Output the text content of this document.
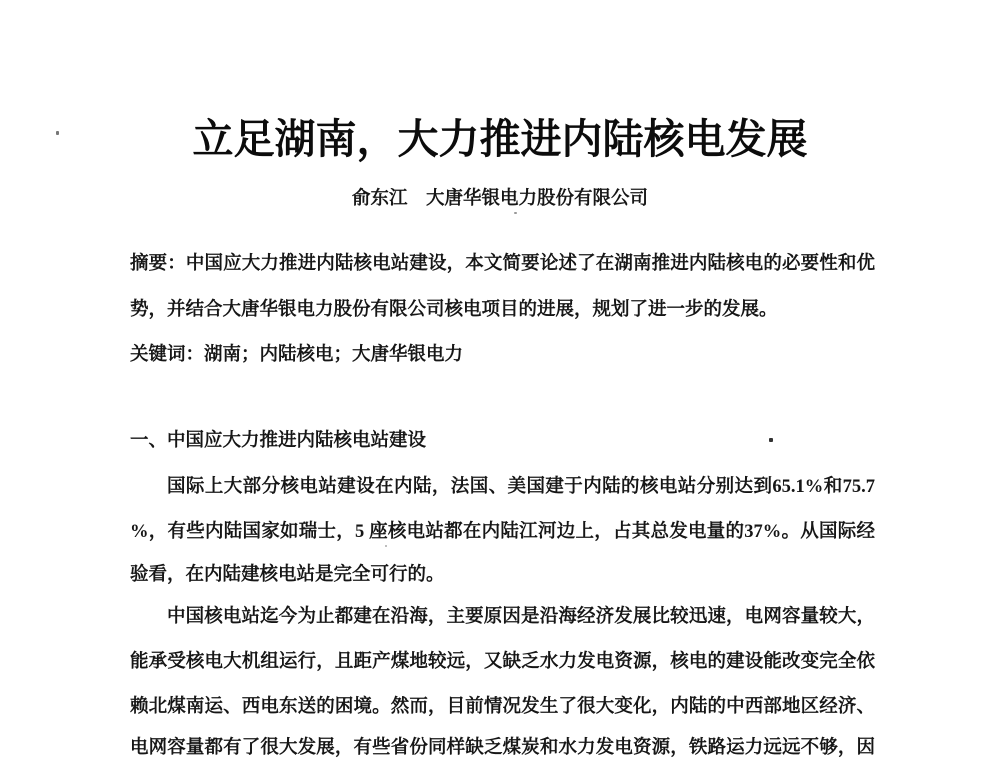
立足湖南，大力推进内陆核电发展
俞东江　大唐华银电力股份有限公司
摘要：中国应大力推进内陆核电站建设，本文简要论述了在湖南推进内陆核电的必要性和优
势，并结合大唐华银电力股份有限公司核电项目的进展，规划了进一步的发展。
关键词：湖南；内陆核电；大唐华银电力
一、中国应大力推进内陆核电站建设
国际上大部分核电站建设在内陆，法国、美国建于内陆的核电站分别达到65.1%和75.7
%，有些内陆国家如瑞士，5 座核电站都在内陆江河边上，占其总发电量的37%。从国际经
验看，在内陆建核电站是完全可行的。
中国核电站迄今为止都建在沿海，主要原因是沿海经济发展比较迅速，电网容量较大，
能承受核电大机组运行，且距产煤地较远，又缺乏水力发电资源，核电的建设能改变完全依
赖北煤南运、西电东送的困境。然而，目前情况发生了很大变化，内陆的中西部地区经济、
电网容量都有了很大发展，有些省份同样缺乏煤炭和水力发电资源，铁路运力远远不够，因
